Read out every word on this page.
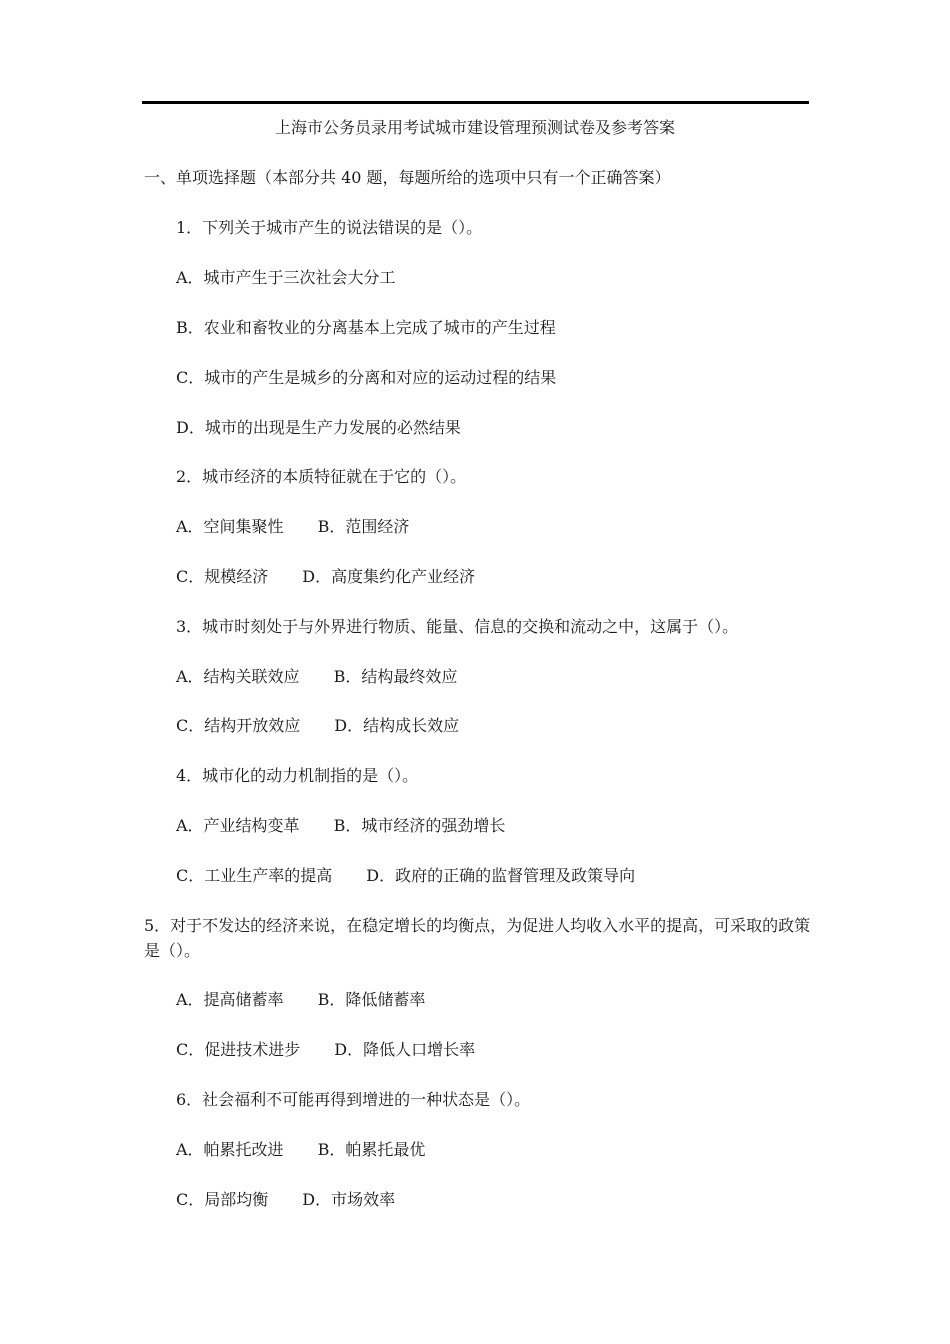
上海市公务员录用考试城市建设管理预测试卷及参考答案
一、单项选择题（本部分共 40 题，每题所给的选项中只有一个正确答案）
1．下列关于城市产生的说法错误的是（）。
A．城市产生于三次社会大分工
B．农业和畜牧业的分离基本上完成了城市的产生过程
C．城市的产生是城乡的分离和对应的运动过程的结果
D．城市的出现是生产力发展的必然结果
2．城市经济的本质特征就在于它的（）。
A．空间集聚性 B．范围经济
C．规模经济 D．高度集约化产业经济
3．城市时刻处于与外界进行物质、能量、信息的交换和流动之中，这属于（）。
A．结构关联效应 B．结构最终效应
C．结构开放效应 D．结构成长效应
4．城市化的动力机制指的是（）。
A．产业结构变革 B．城市经济的强劲增长
C．工业生产率的提高 D．政府的正确的监督管理及政策导向
5．对于不发达的经济来说，在稳定增长的均衡点，为促进人均收入水平的提高，可采取的政策是（）。
A．提高储蓄率 B．降低储蓄率
C．促进技术进步 D．降低人口增长率
6．社会福利不可能再得到增进的一种状态是（）。
A．帕累托改进 B．帕累托最优
C．局部均衡 D．市场效率
